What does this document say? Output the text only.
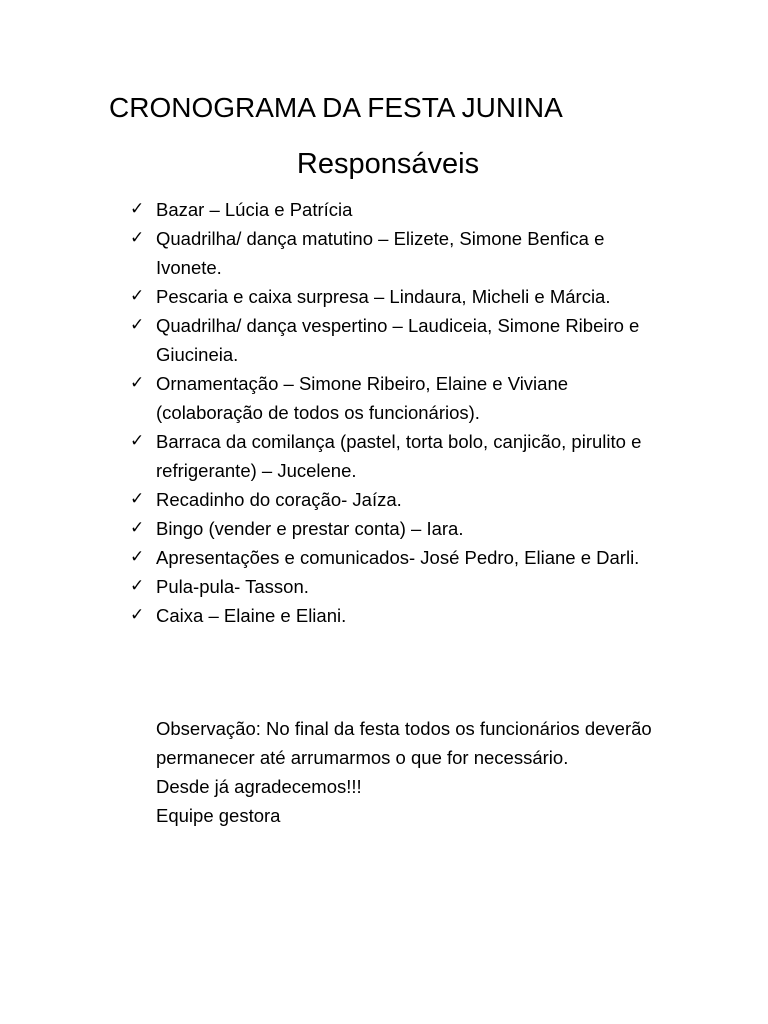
CRONOGRAMA DA FESTA JUNINA
Responsáveis
✓ Bazar – Lúcia e Patrícia
✓ Quadrilha/ dança matutino – Elizete, Simone Benfica e Ivonete.
✓ Pescaria e caixa surpresa – Lindaura, Micheli e Márcia.
✓ Quadrilha/ dança vespertino – Laudiceia, Simone Ribeiro e Giucineia.
✓ Ornamentação – Simone Ribeiro, Elaine e Viviane (colaboração de todos os funcionários).
✓ Barraca da comilança (pastel, torta bolo, canjicão, pirulito e refrigerante) – Jucelene.
✓ Recadinho do coração- Jaíza.
✓ Bingo (vender e prestar conta) – Iara.
✓ Apresentações e comunicados- José Pedro, Eliane e Darli.
✓ Pula-pula- Tasson.
✓ Caixa – Elaine e Eliani.

Observação: No final da festa todos os funcionários deverão permanecer até arrumarmos o que for necessário.

Desde já agradecemos!!!

Equipe gestora
